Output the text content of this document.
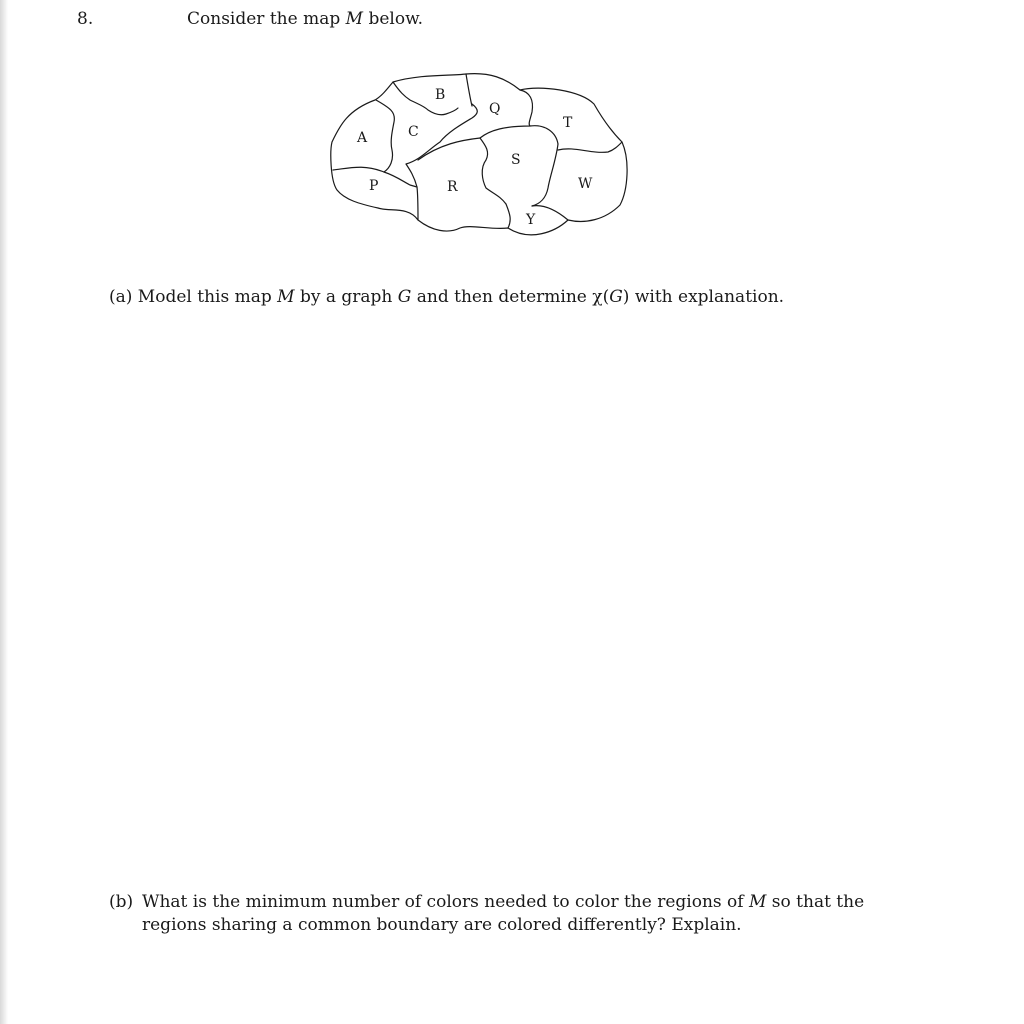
8.	Consider the map M below.
B
Q
T
A	C
S
P	R	W
Y
(a) Model this map M by a graph G and then determine χ(G) with explanation.
(b) What is the minimum number of colors needed to color the regions of M so that the regions sharing a common boundary are colored differently? Explain.
